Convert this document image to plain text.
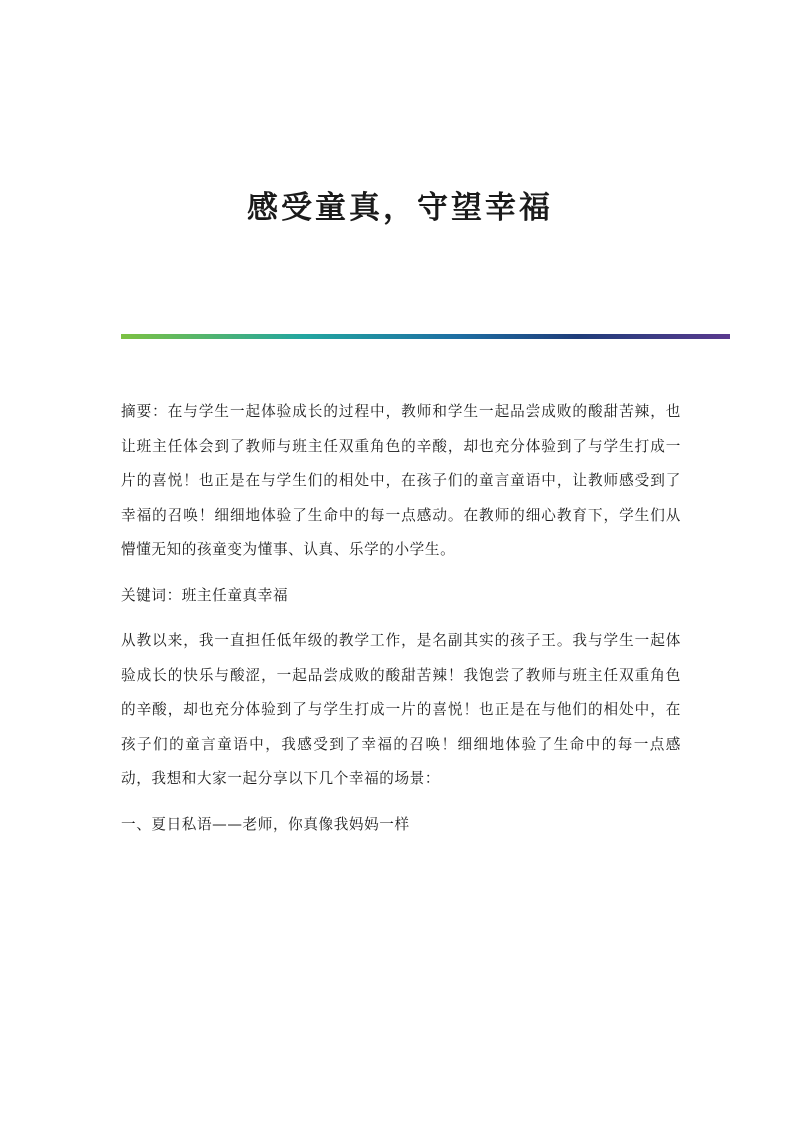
感受童真，守望幸福

摘要：在与学生一起体验成长的过程中，教师和学生一起品尝成败的酸甜苦辣，也让班主任体会到了教师与班主任双重角色的辛酸，却也充分体验到了与学生打成一片的喜悦！也正是在与学生们的相处中，在孩子们的童言童语中，让教师感受到了幸福的召唤！细细地体验了生命中的每一点感动。在教师的细心教育下，学生们从懵懂无知的孩童变为懂事、认真、乐学的小学生。

关键词：班主任童真幸福

从教以来，我一直担任低年级的教学工作，是名副其实的孩子王。我与学生一起体验成长的快乐与酸涩，一起品尝成败的酸甜苦辣！我饱尝了教师与班主任双重角色的辛酸，却也充分体验到了与学生打成一片的喜悦！也正是在与他们的相处中，在孩子们的童言童语中，我感受到了幸福的召唤！细细地体验了生命中的每一点感动，我想和大家一起分享以下几个幸福的场景：

一、夏日私语——老师，你真像我妈妈一样
